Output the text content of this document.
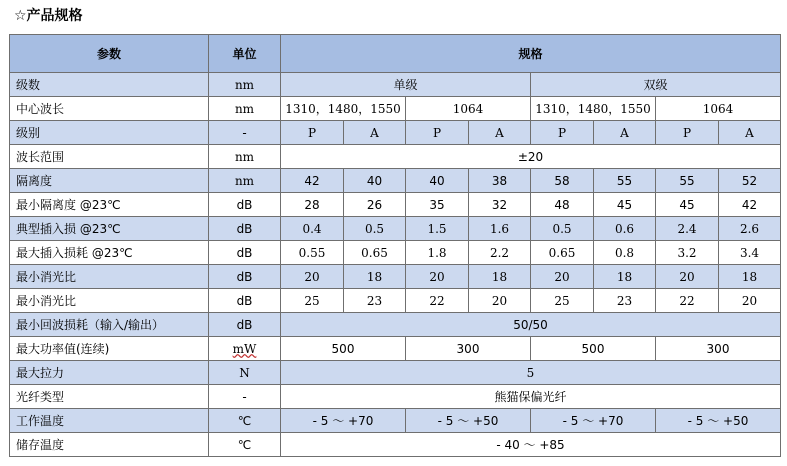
☆产品规格
参数	单位	规格							
级数	nm	单级				双级			
中心波长	nm	1310，1480，1550		1064		1310，1480，1550		1064	
级别	-	P	A	P	A	P	A	P	A
波长范围	nm	±20							
隔离度	nm	42	40	40	38	58	55	55	52
最小隔离度 @23℃	dB	28	26	35	32	48	45	45	42
典型插入损 @23℃	dB	0.4	0.5	1.5	1.6	0.5	0.6	2.4	2.6
最大插入损耗 @23℃	dB	0.55	0.65	1.8	2.2	0.65	0.8	3.2	3.4
最小消光比	dB	20	18	20	18	20	18	20	18
最小消光比	dB	25	23	22	20	25	23	22	20
最小回波损耗（输入/输出）	dB	50/50							
最大功率值(连续)	mW	500		300		500		300	
最大拉力	N	5							
光纤类型	-	熊猫保偏光纤							
工作温度	℃	- 5 ～ +70		- 5 ～ +50		- 5 ～ +70		- 5 ～ +50	
储存温度	℃	- 40 ～ +85							
